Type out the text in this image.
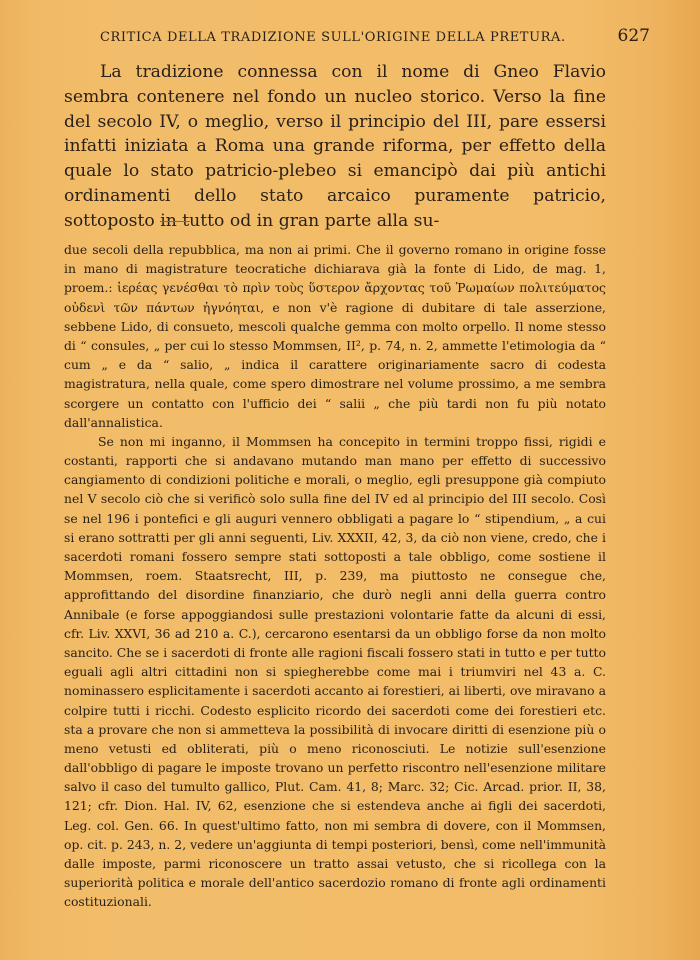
CRITICA DELLA TRADIZIONE SULL'ORIGINE DELLA PRETURA.	627

La tradizione connessa con il nome di Gneo Flavio sembra contenere nel fondo un nucleo storico. Verso la fine del secolo IV, o meglio, verso il principio del III, pare essersi infatti iniziata a Roma una grande riforma, per effetto della quale lo stato patricio-plebeo si emancipò dai più antichi ordinamenti dello stato arcaico puramente patricio, sottoposto in tutto od in gran parte alla su-

due secoli della repubblica, ma non ai primi. Che il governo romano in origine fosse in mano di magistrature teocratiche dichiarava già la fonte di Lido, de mag. 1, proem.: ἱερέας γενέσθαι τὸ πρὶν τοὺς ὕστερον ἄρχοντας τοῦ Ῥωμαίων πολιτεύματος οὐδενὶ τῶν πάντων ἠγνόηται, e non v'è ragione di dubitare di tale asserzione, sebbene Lido, di consueto, mescoli qualche gemma con molto orpello. Il nome stesso di “ consules, „ per cui lo stesso Mommsen, II², p. 74, n. 2, ammette l'etimologia da “ cum „ e da “ salio, „ indica il carattere originariamente sacro di codesta magistratura, nella quale, come spero dimostrare nel volume prossimo, a me sembra scorgere un contatto con l'ufficio dei “ salii „ che più tardi non fu più notato dall'annalistica.

Se non mi inganno, il Mommsen ha concepito in termini troppo fissi, rigidi e costanti, rapporti che si andavano mutando man mano per effetto di successivo cangiamento di condizioni politiche e morali, o meglio, egli presuppone già compiuto nel V secolo ciò che si verificò solo sulla fine del IV ed al principio del III secolo. Così se nel 196 i pontefici e gli auguri vennero obbligati a pagare lo “ stipendium, „ a cui si erano sottratti per gli anni seguenti, Liv. XXXII, 42, 3, da ciò non viene, credo, che i sacerdoti romani fossero sempre stati sottoposti a tale obbligo, come sostiene il Mommsen, roem. Staatsrecht, III, p. 239, ma piuttosto ne consegue che, approfittando del disordine finanziario, che durò negli anni della guerra contro Annibale (e forse appoggiandosi sulle prestazioni volontarie fatte da alcuni di essi, cfr. Liv. XXVI, 36 ad 210 a. C.), cercarono esentarsi da un obbligo forse da non molto sancito. Che se i sacerdoti di fronte alle ragioni fiscali fossero stati in tutto e per tutto eguali agli altri cittadini non si spiegherebbe come mai i triumviri nel 43 a. C. nominassero esplicitamente i sacerdoti accanto ai forestieri, ai liberti, ove miravano a colpire tutti i ricchi. Codesto esplicito ricordo dei sacerdoti come dei forestieri etc. sta a provare che non si ammetteva la possibilità di invocare diritti di esenzione più o meno vetusti ed obliterati, più o meno riconosciuti. Le notizie sull'esenzione dall'obbligo di pagare le imposte trovano un perfetto riscontro nell'esenzione militare salvo il caso del tumulto gallico, Plut. Cam. 41, 8; Marc. 32; Cic. Arcad. prior. II, 38, 121; cfr. Dion. Hal. IV, 62, esenzione che si estendeva anche ai figli dei sacerdoti, Leg. col. Gen. 66. In quest'ultimo fatto, non mi sembra di dovere, con il Mommsen, op. cit. p. 243, n. 2, vedere un'aggiunta di tempi posteriori, bensì, come nell'immunità dalle imposte, parmi riconoscere un tratto assai vetusto, che si ricollega con la superiorità politica e morale dell'antico sacerdozio romano di fronte agli ordinamenti costituzionali.
